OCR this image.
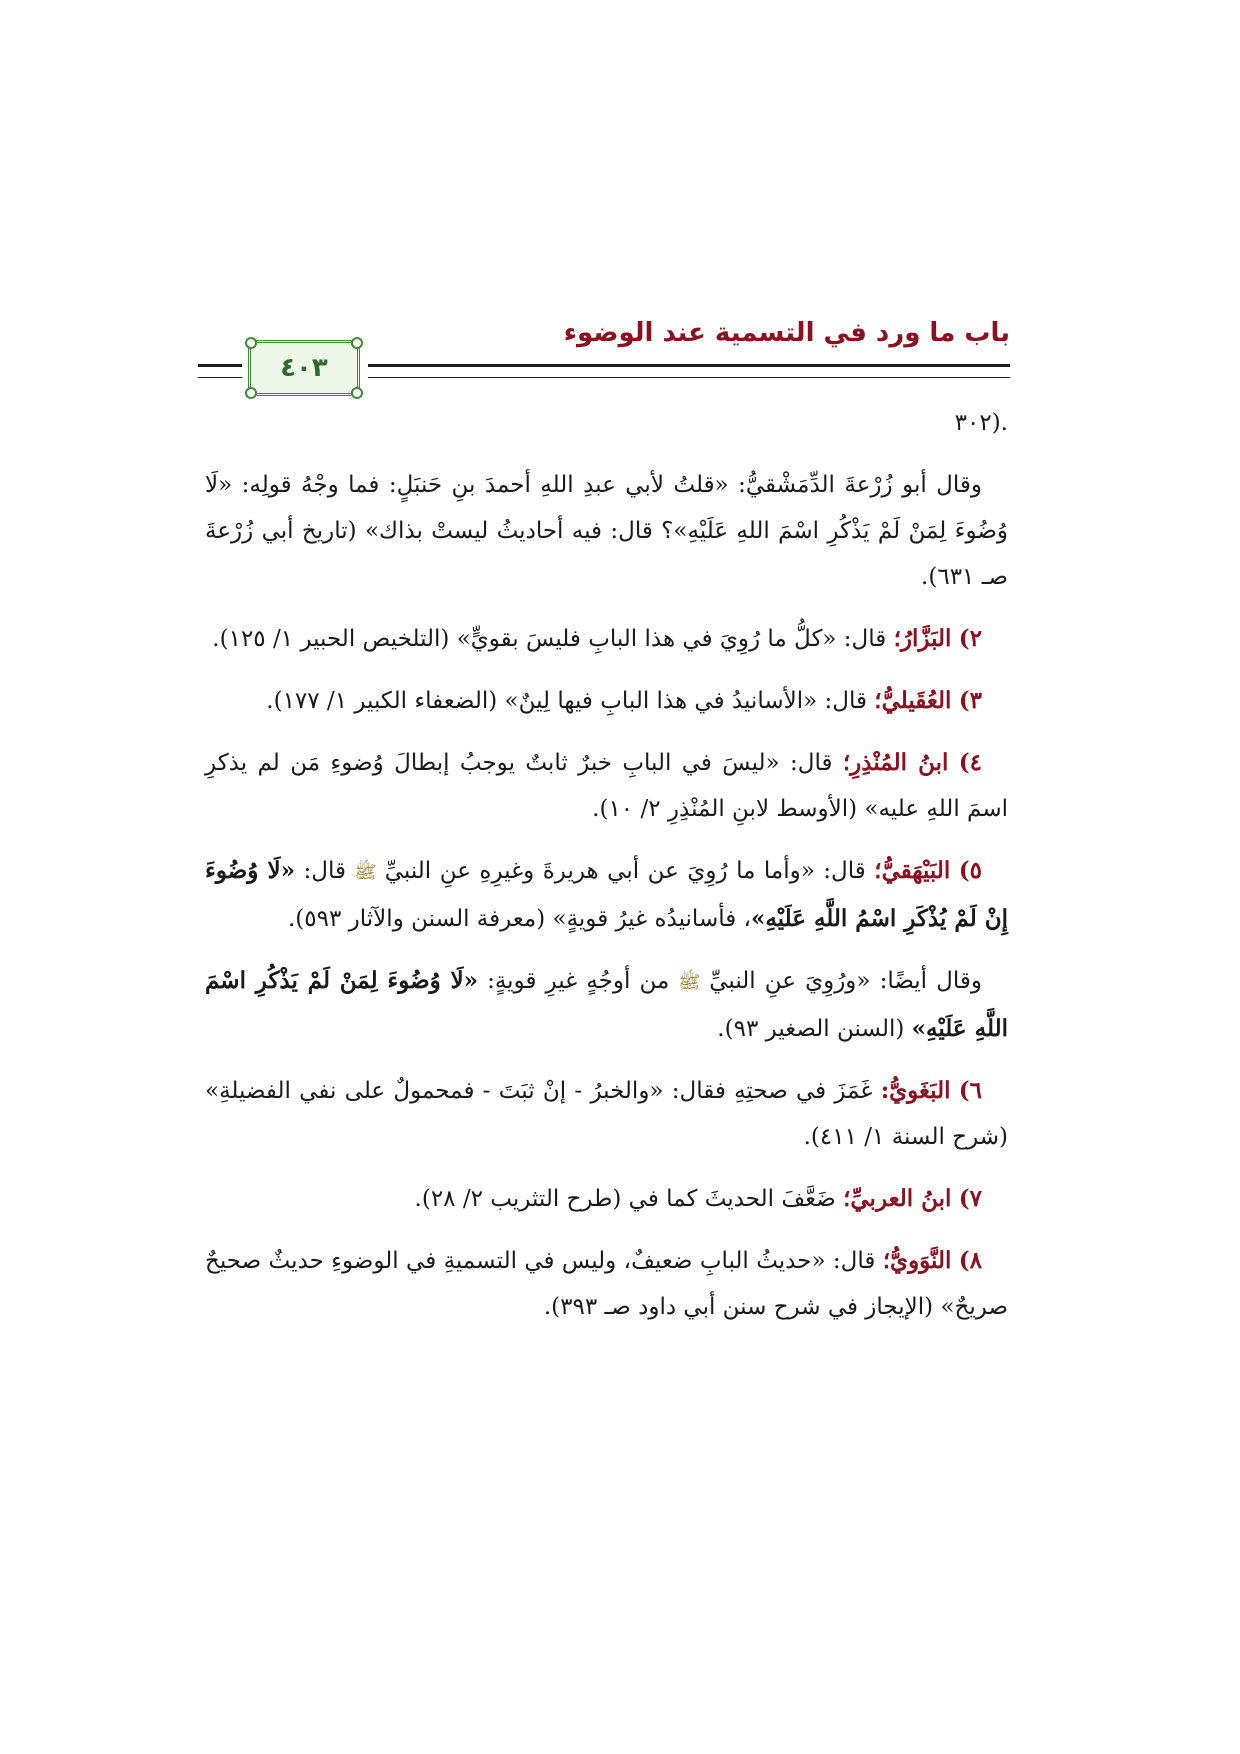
٤٠٣
باب ما ورد في التسمية عند الوضوء

.(٣٠٢

وقال أبو زُرْعةَ الدِّمَشْقيُّ: «قلتُ لأبي عبدِ اللهِ أحمدَ بنِ حَنبَلٍ: فما وجْهُ قولِه: «لَا وُضُوءَ لِمَنْ لَمْ يَذْكُرِ اسْمَ اللهِ عَلَيْهِ»؟ قال: فيه أحاديثُ ليستْ بذاك» (تاريخ أبي زُرْعةَ صـ ٦٣١).

٢) البَزَّارُ؛ قال: «كلُّ ما رُوِيَ في هذا البابِ فليسَ بقويٍّ» (التلخيص الحبير ١/ ١٢٥).

٣) العُقَيليُّ؛ قال: «الأسانيدُ في هذا البابِ فيها لِينٌ» (الضعفاء الكبير ١/ ١٧٧).

٤) ابنُ المُنْذِرِ؛ قال: «ليسَ في البابِ خبرٌ ثابتٌ يوجبُ إبطالَ وُضوءِ مَن لم يذكرِ اسمَ اللهِ عليه» (الأوسط لابنِ المُنْذِرِ ٢/ ١٠).

٥) البَيْهَقيُّ؛ قال: «وأما ما رُوِيَ عن أبي هريرةَ وغيرِهِ عنِ النبيِّ ﷺ قال: «لَا وُضُوءَ إِنْ لَمْ يُذْكَرِ اسْمُ اللَّهِ عَلَيْهِ»، فأسانيدُه غيرُ قويةٍ» (معرفة السنن والآثار ٥٩٣).

وقال أيضًا: «ورُوِيَ عنِ النبيِّ ﷺ من أوجُهٍ غيرِ قويةٍ: «لَا وُضُوءَ لِمَنْ لَمْ يَذْكُرِ اسْمَ اللَّهِ عَلَيْهِ» (السنن الصغير ٩٣).

٦) البَغَويُّ: غَمَزَ في صحتِهِ فقال: «والخبرُ - إنْ ثبَتَ - فمحمولٌ على نفي الفضيلةِ» (شرح السنة ١/ ٤١١).

٧) ابنُ العربيِّ؛ ضَعَّفَ الحديثَ كما في (طرح التثريب ٢/ ٢٨).

٨) النَّوَويُّ؛ قال: «حديثُ البابِ ضعيفٌ، وليس في التسميةِ في الوضوءِ حديثٌ صحيحٌ صريحٌ» (الإيجاز في شرح سنن أبي داود صـ ٣٩٣).
